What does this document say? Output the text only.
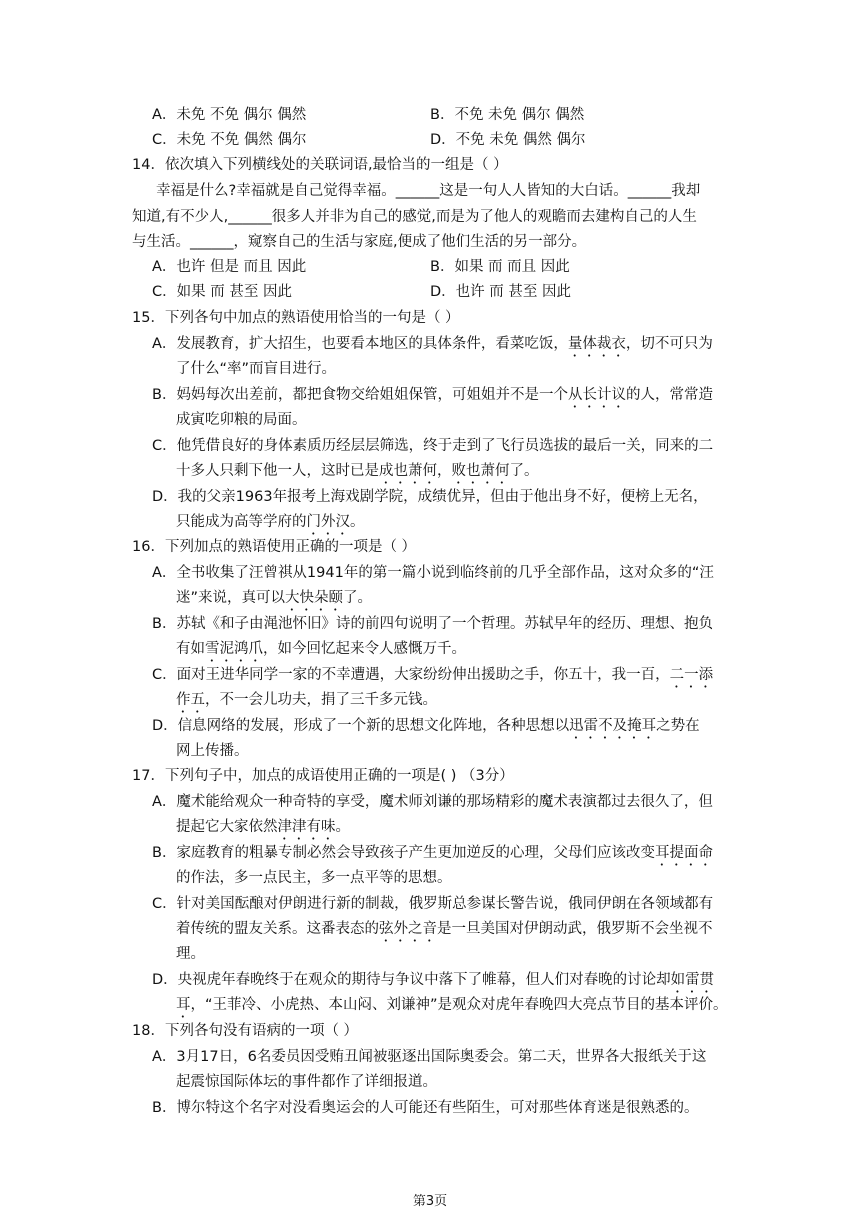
A．未免 不免 偶尔 偶然	B．不免 未免 偶尔 偶然
C．未免 不免 偶然 偶尔	D．不免 未免 偶然 偶尔
14．依次填入下列横线处的关联词语,最恰当的一组是（ ）
幸福是什么?幸福就是自己觉得幸福。______这是一句人人皆知的大白话。______我却
知道,有不少人,______很多人并非为自己的感觉,而是为了他人的观瞻而去建构自己的人生
与生活。______，窥察自己的生活与家庭,便成了他们生活的另一部分。
A．也许 但是 而且 因此	B．如果 而 而且 因此
C．如果 而 甚至 因此	D．也许 而 甚至 因此
15．下列各句中加点的熟语使用恰当的一句是（ ）
A．发展教育，扩大招生，也要看本地区的具体条件，看菜吃饭，量体裁衣，切不可只为
了什么“率”而盲目进行。
B．妈妈每次出差前，都把食物交给姐姐保管，可姐姐并不是一个从长计议的人，常常造
成寅吃卯粮的局面。
C．他凭借良好的身体素质历经层层筛选，终于走到了飞行员选拔的最后一关，同来的二
十多人只剩下他一人，这时已是成也萧何，败也萧何了。
D．我的父亲1963年报考上海戏剧学院，成绩优异，但由于他出身不好，便榜上无名，
只能成为高等学府的门外汉。
16．下列加点的熟语使用正确的一项是（ ）
A．全书收集了汪曾祺从1941年的第一篇小说到临终前的几乎全部作品，这对众多的“汪
迷”来说，真可以大快朵颐了。
B．苏轼《和子由渑池怀旧》诗的前四句说明了一个哲理。苏轼早年的经历、理想、抱负
有如雪泥鸿爪，如今回忆起来令人感慨万千。
C．面对王进华同学一家的不幸遭遇，大家纷纷伸出援助之手，你五十，我一百，二一添
作五，不一会儿功夫，捐了三千多元钱。
D．信息网络的发展，形成了一个新的思想文化阵地，各种思想以迅雷不及掩耳之势在
网上传播。
17．下列句子中，加点的成语使用正确的一项是( ) （3分）
A．魔术能给观众一种奇特的享受，魔术师刘谦的那场精彩的魔术表演都过去很久了，但
提起它大家依然津津有味。
B．家庭教育的粗暴专制必然会导致孩子产生更加逆反的心理，父母们应该改变耳提面命
的作法，多一点民主，多一点平等的思想。
C．针对美国酝酿对伊朗进行新的制裁，俄罗斯总参谋长警告说，俄同伊朗在各领域都有
着传统的盟友关系。这番表态的弦外之音是一旦美国对伊朗动武，俄罗斯不会坐视不
理。
D．央视虎年春晚终于在观众的期待与争议中落下了帷幕，但人们对春晚的讨论却如雷贯
耳，“王菲冷、小虎热、本山闷、刘谦神”是观众对虎年春晚四大亮点节目的基本评价。
18．下列各句没有语病的一项（ ）
A．3月17日，6名委员因受贿丑闻被驱逐出国际奥委会。第二天，世界各大报纸关于这
起震惊国际体坛的事件都作了详细报道。
B．博尔特这个名字对没看奥运会的人可能还有些陌生，可对那些体育迷是很熟悉的。
第3页
